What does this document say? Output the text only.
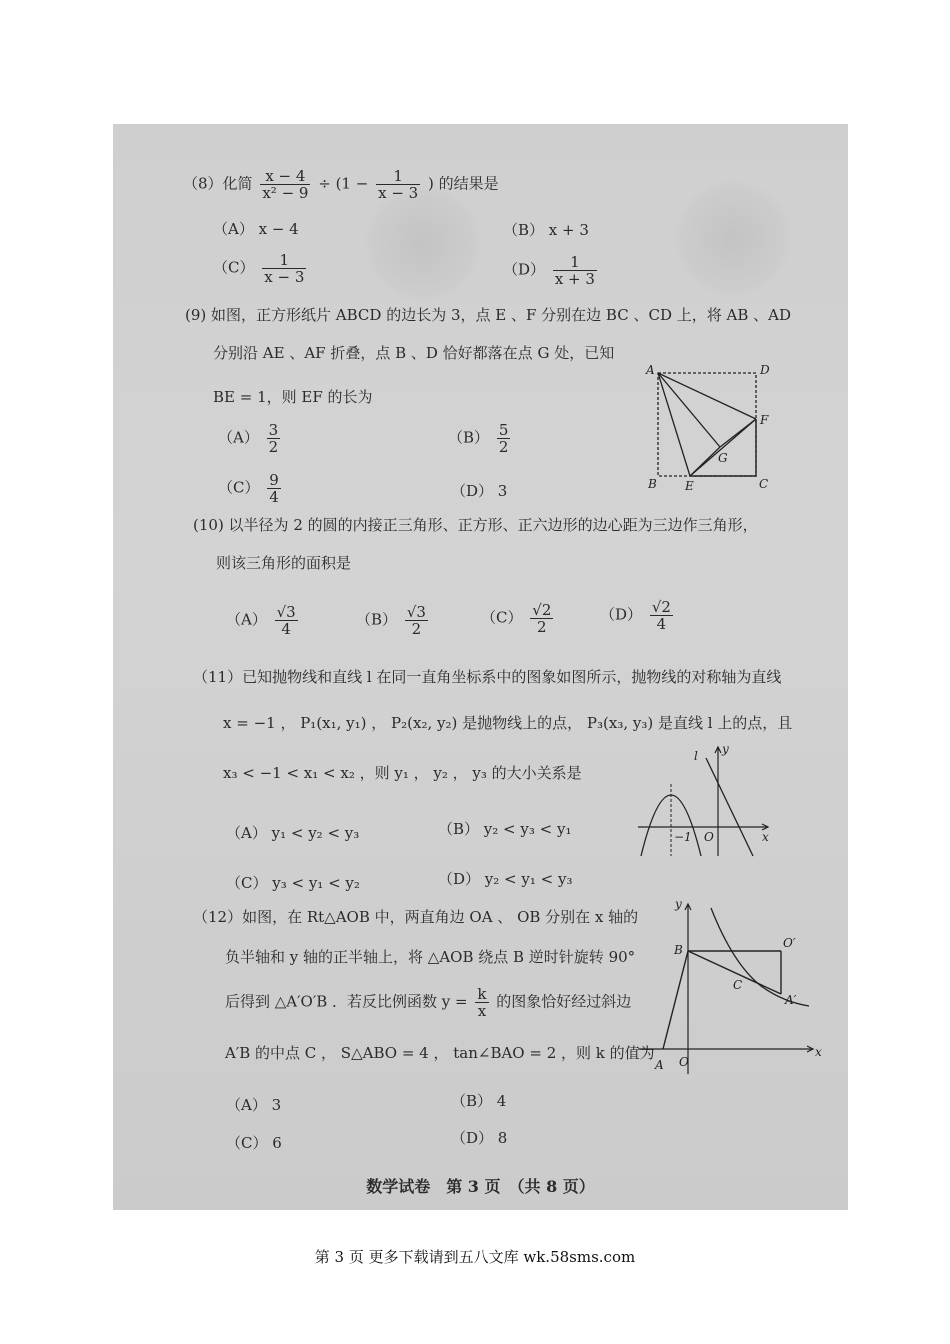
（8）化简 $\frac{x - 4}{\text{x² − 9}} \div (1 - \frac{1}{x - 3}$ ) 的结果是
（A） x − 4	（B） x + 3
$(C) \frac{1}{x - 3}$	$(D) \frac{1}{x + 3}$
(9) 如图，正方形纸片 ABCD 的边长为 3，点 E 、F 分别在边 BC 、CD 上，将 AB 、AD
分别沿 AE 、AF 折叠，点 B 、D 恰好都落在点 G 处，已知
BE = 1，则 EF 的长为
$(A) \frac{3}{2}$	$(B) \frac{5}{2}$
$(C) \frac{9}{4}$	（D） 3
A	D
F
G
B E	C
(10) 以半径为 2 的圆的内接正三角形、正方形、正六边形的边心距为三边作三角形，
则该三角形的面积是
$(A) \frac{√3}{4}$	$(B) \frac{√3}{2}$	$(C) \frac{√2}{2}$	$(D) \frac{√2}{4}$
（11）已知抛物线和直线 l 在同一直角坐标系中的图象如图所示，抛物线的对称轴为直线
x = −1 ， P₁(x₁, y₁) ， P₂(x₂, y₂) 是抛物线上的点， P₃(x₃, y₃) 是直线 l 上的点，且
x₃ < −1 < x₁ < x₂ ，则 y₁ ， y₂ ， y₃ 的大小关系是
（A） y₁ < y₂ < y₃	（B） y₂ < y₃ < y₁
（C） y₃ < y₁ < y₂	（D） y₂ < y₁ < y₃
l y
x
−1 O
（12）如图，在 Rt△AOB 中，两直角边 OA 、 OB 分别在 x 轴的
负半轴和 y 轴的正半轴上，将 △AOB 绕点 B 逆时针旋转 90°
后得到 △A′O′B ．若反比例函数 $y = \frac{k}{x}$ 的图象恰好经过斜边
A′B 的中点 C ， S△ABO = 4 ， tan∠BAO = 2 ，则 k 的值为
（A） 3	（B） 4
（C） 6	（D） 8
y
x
B	O′
C
A′
A O
数学试卷　第 3 页　（共 8 页）
第 3 页 更多下载请到五八文库 wk.58sms.com
